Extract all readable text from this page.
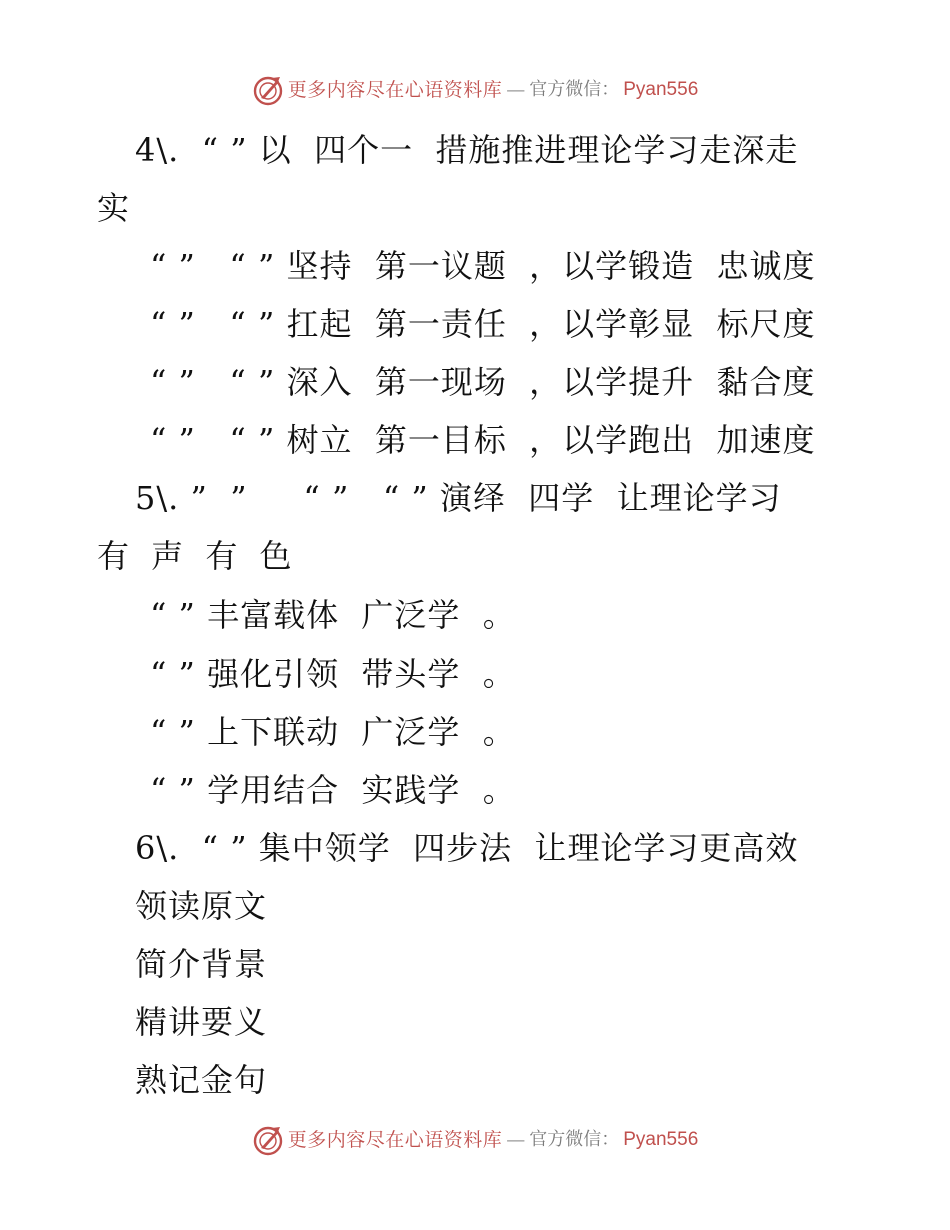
更多内容尽在心语资料库 — 官方微信： Pyan556
4\.  “ ” 以  四个一  措施推进理论学习走深走
实
“ ”   “ ” 坚持  第一议题  ，以学锻造  忠诚度
“ ”   “ ” 扛起  第一责任  ，以学彰显  标尺度
“ ”   “ ” 深入  第一现场  ，以学提升  黏合度
“ ”   “ ” 树立  第一目标  ，以学跑出  加速度
5\. ”  ”     “ ”   “ ” 演绎  四学  让理论学习
有 声 有 色
“ ” 丰富载体  广泛学  。
“ ” 强化引领  带头学  。
“ ” 上下联动  广泛学  。
“ ” 学用结合  实践学  。
6\.  “ ” 集中领学  四步法  让理论学习更高效
领读原文
简介背景
精讲要义
熟记金句
更多内容尽在心语资料库 — 官方微信： Pyan556
